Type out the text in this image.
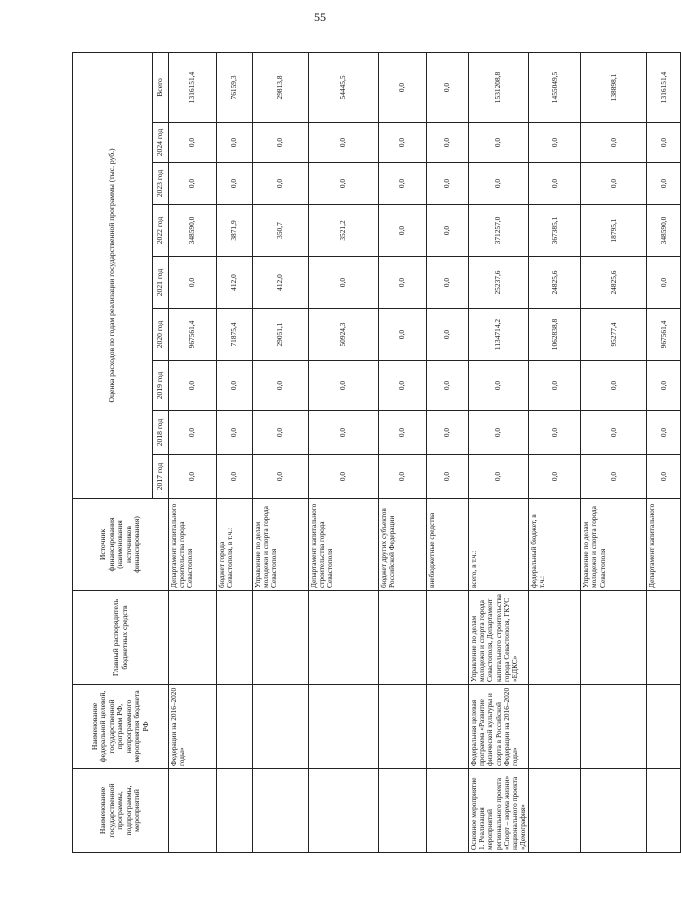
55
Наименование государственной программы, подпрограммы, мероприятий	Наименование федеральной целевой, государственной программ РФ, непрограммного мероприятия бюджета РФ	Главный распорядитель бюджетных средств	Источник финансирования (наименования источников финансирования)	Оценка расходов по годам реализации государственной программы (тыс. руб.)								
				2017 год	2018 год	2019 год	2020 год	2021 год	2022 год	2023 год	2024 год	Всего
	Федерации на 2016–2020 годы»		Департамент капитального строительства города Севастополя	0,0	0,0	0,0	967561,4	0,0	348590,0	0,0	0,0	1316151,4
			бюджет города Севастополя, в т.ч.:	0,0	0,0	0,0	71875,4	412,0	3871,9	0,0	0,0	76159,3
			Управление по делам молодежи и спорта города Севастополя	0,0	0,0	0,0	29051,1	412,0	350,7	0,0	0,0	29813,8
			Департамент капитального строительства города Севастополя	0,0	0,0	0,0	50924,3	0,0	3521,2	0,0	0,0	54445,5
			бюджет других субъектов Российской Федерации	0,0	0,0	0,0	0,0	0,0	0,0	0,0	0,0	0,0
			внебюджетные средства	0,0	0,0	0,0	0,0	0,0	0,0	0,0	0,0	0,0
Основное мероприятие 1. Реализация мероприятий регионального проекта «Спорт – норма жизни» национального проекта «Демография»	Федеральная целевая программа «Развитие физической культуры и спорта в Российской Федерации на 2016–2020 годы»	Управление по делам молодежи и спорта города Севастополя, Департамент капитального строительства города Севастополя, ГКУС «ЕДКС»	всего, в т.ч.:	0,0	0,0	0,0	1134714,2	25237,6	371257,0	0,0	0,0	1531208,8
			федеральный бюджет, в т.ч.:	0,0	0,0	0,0	1062838,8	24825,6	367385,1	0,0	0,0	1455049,5
			Управление по делам молодежи и спорта города Севастополя	0,0	0,0	0,0	95277,4	24825,6	18795,1	0,0	0,0	138898,1
			Департамент капитального	0,0	0,0	0,0	967561,4	0,0	348590,0	0,0	0,0	1316151,4
